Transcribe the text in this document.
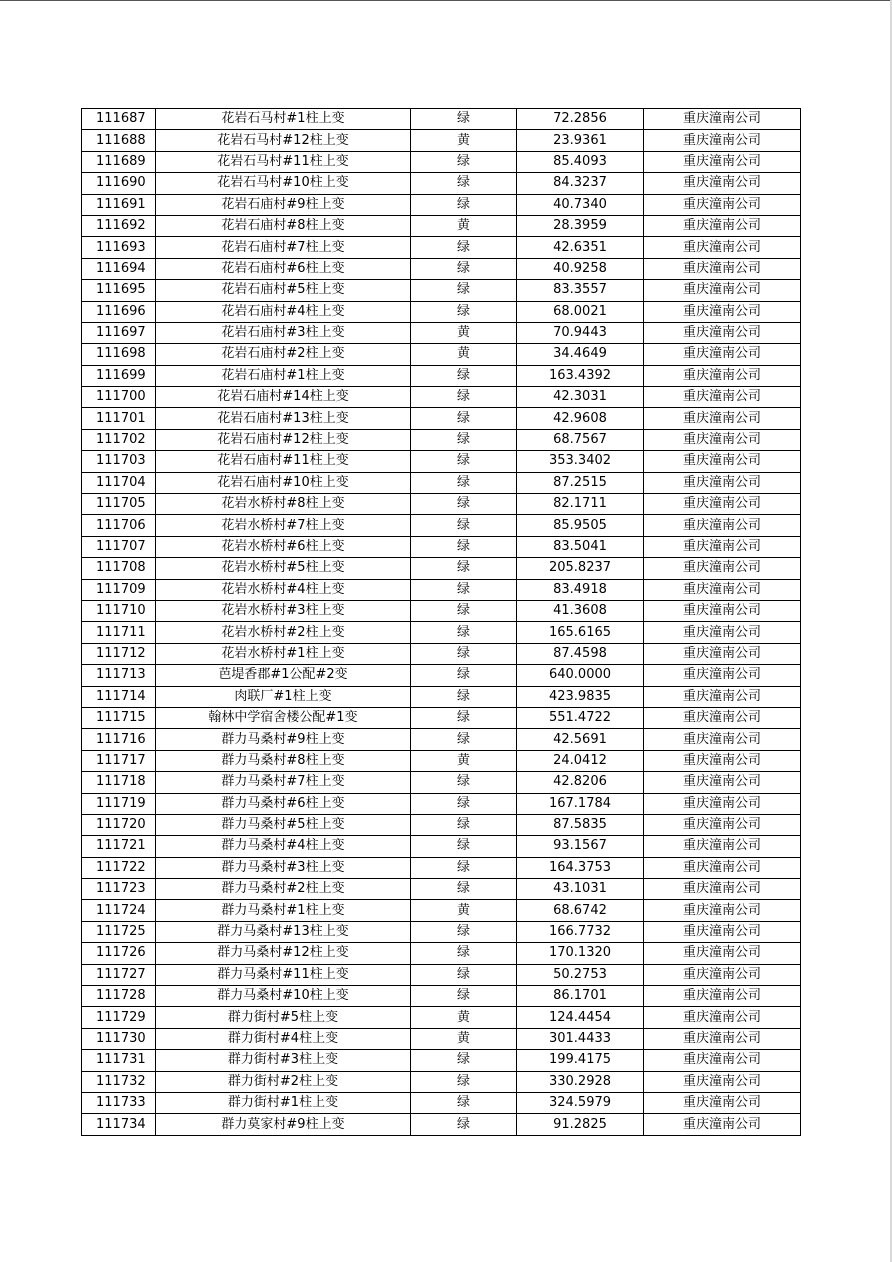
111687	花岩石马村#1柱上变	绿	72.2856	重庆潼南公司
111688	花岩石马村#12柱上变	黄	23.9361	重庆潼南公司
111689	花岩石马村#11柱上变	绿	85.4093	重庆潼南公司
111690	花岩石马村#10柱上变	绿	84.3237	重庆潼南公司
111691	花岩石庙村#9柱上变	绿	40.7340	重庆潼南公司
111692	花岩石庙村#8柱上变	黄	28.3959	重庆潼南公司
111693	花岩石庙村#7柱上变	绿	42.6351	重庆潼南公司
111694	花岩石庙村#6柱上变	绿	40.9258	重庆潼南公司
111695	花岩石庙村#5柱上变	绿	83.3557	重庆潼南公司
111696	花岩石庙村#4柱上变	绿	68.0021	重庆潼南公司
111697	花岩石庙村#3柱上变	黄	70.9443	重庆潼南公司
111698	花岩石庙村#2柱上变	黄	34.4649	重庆潼南公司
111699	花岩石庙村#1柱上变	绿	163.4392	重庆潼南公司
111700	花岩石庙村#14柱上变	绿	42.3031	重庆潼南公司
111701	花岩石庙村#13柱上变	绿	42.9608	重庆潼南公司
111702	花岩石庙村#12柱上变	绿	68.7567	重庆潼南公司
111703	花岩石庙村#11柱上变	绿	353.3402	重庆潼南公司
111704	花岩石庙村#10柱上变	绿	87.2515	重庆潼南公司
111705	花岩水桥村#8柱上变	绿	82.1711	重庆潼南公司
111706	花岩水桥村#7柱上变	绿	85.9505	重庆潼南公司
111707	花岩水桥村#6柱上变	绿	83.5041	重庆潼南公司
111708	花岩水桥村#5柱上变	绿	205.8237	重庆潼南公司
111709	花岩水桥村#4柱上变	绿	83.4918	重庆潼南公司
111710	花岩水桥村#3柱上变	绿	41.3608	重庆潼南公司
111711	花岩水桥村#2柱上变	绿	165.6165	重庆潼南公司
111712	花岩水桥村#1柱上变	绿	87.4598	重庆潼南公司
111713	芭堤香郡#1公配#2变	绿	640.0000	重庆潼南公司
111714	肉联厂#1柱上变	绿	423.9835	重庆潼南公司
111715	翰林中学宿舍楼公配#1变	绿	551.4722	重庆潼南公司
111716	群力马桑村#9柱上变	绿	42.5691	重庆潼南公司
111717	群力马桑村#8柱上变	黄	24.0412	重庆潼南公司
111718	群力马桑村#7柱上变	绿	42.8206	重庆潼南公司
111719	群力马桑村#6柱上变	绿	167.1784	重庆潼南公司
111720	群力马桑村#5柱上变	绿	87.5835	重庆潼南公司
111721	群力马桑村#4柱上变	绿	93.1567	重庆潼南公司
111722	群力马桑村#3柱上变	绿	164.3753	重庆潼南公司
111723	群力马桑村#2柱上变	绿	43.1031	重庆潼南公司
111724	群力马桑村#1柱上变	黄	68.6742	重庆潼南公司
111725	群力马桑村#13柱上变	绿	166.7732	重庆潼南公司
111726	群力马桑村#12柱上变	绿	170.1320	重庆潼南公司
111727	群力马桑村#11柱上变	绿	50.2753	重庆潼南公司
111728	群力马桑村#10柱上变	绿	86.1701	重庆潼南公司
111729	群力街村#5柱上变	黄	124.4454	重庆潼南公司
111730	群力街村#4柱上变	黄	301.4433	重庆潼南公司
111731	群力街村#3柱上变	绿	199.4175	重庆潼南公司
111732	群力街村#2柱上变	绿	330.2928	重庆潼南公司
111733	群力街村#1柱上变	绿	324.5979	重庆潼南公司
111734	群力莫家村#9柱上变	绿	91.2825	重庆潼南公司
